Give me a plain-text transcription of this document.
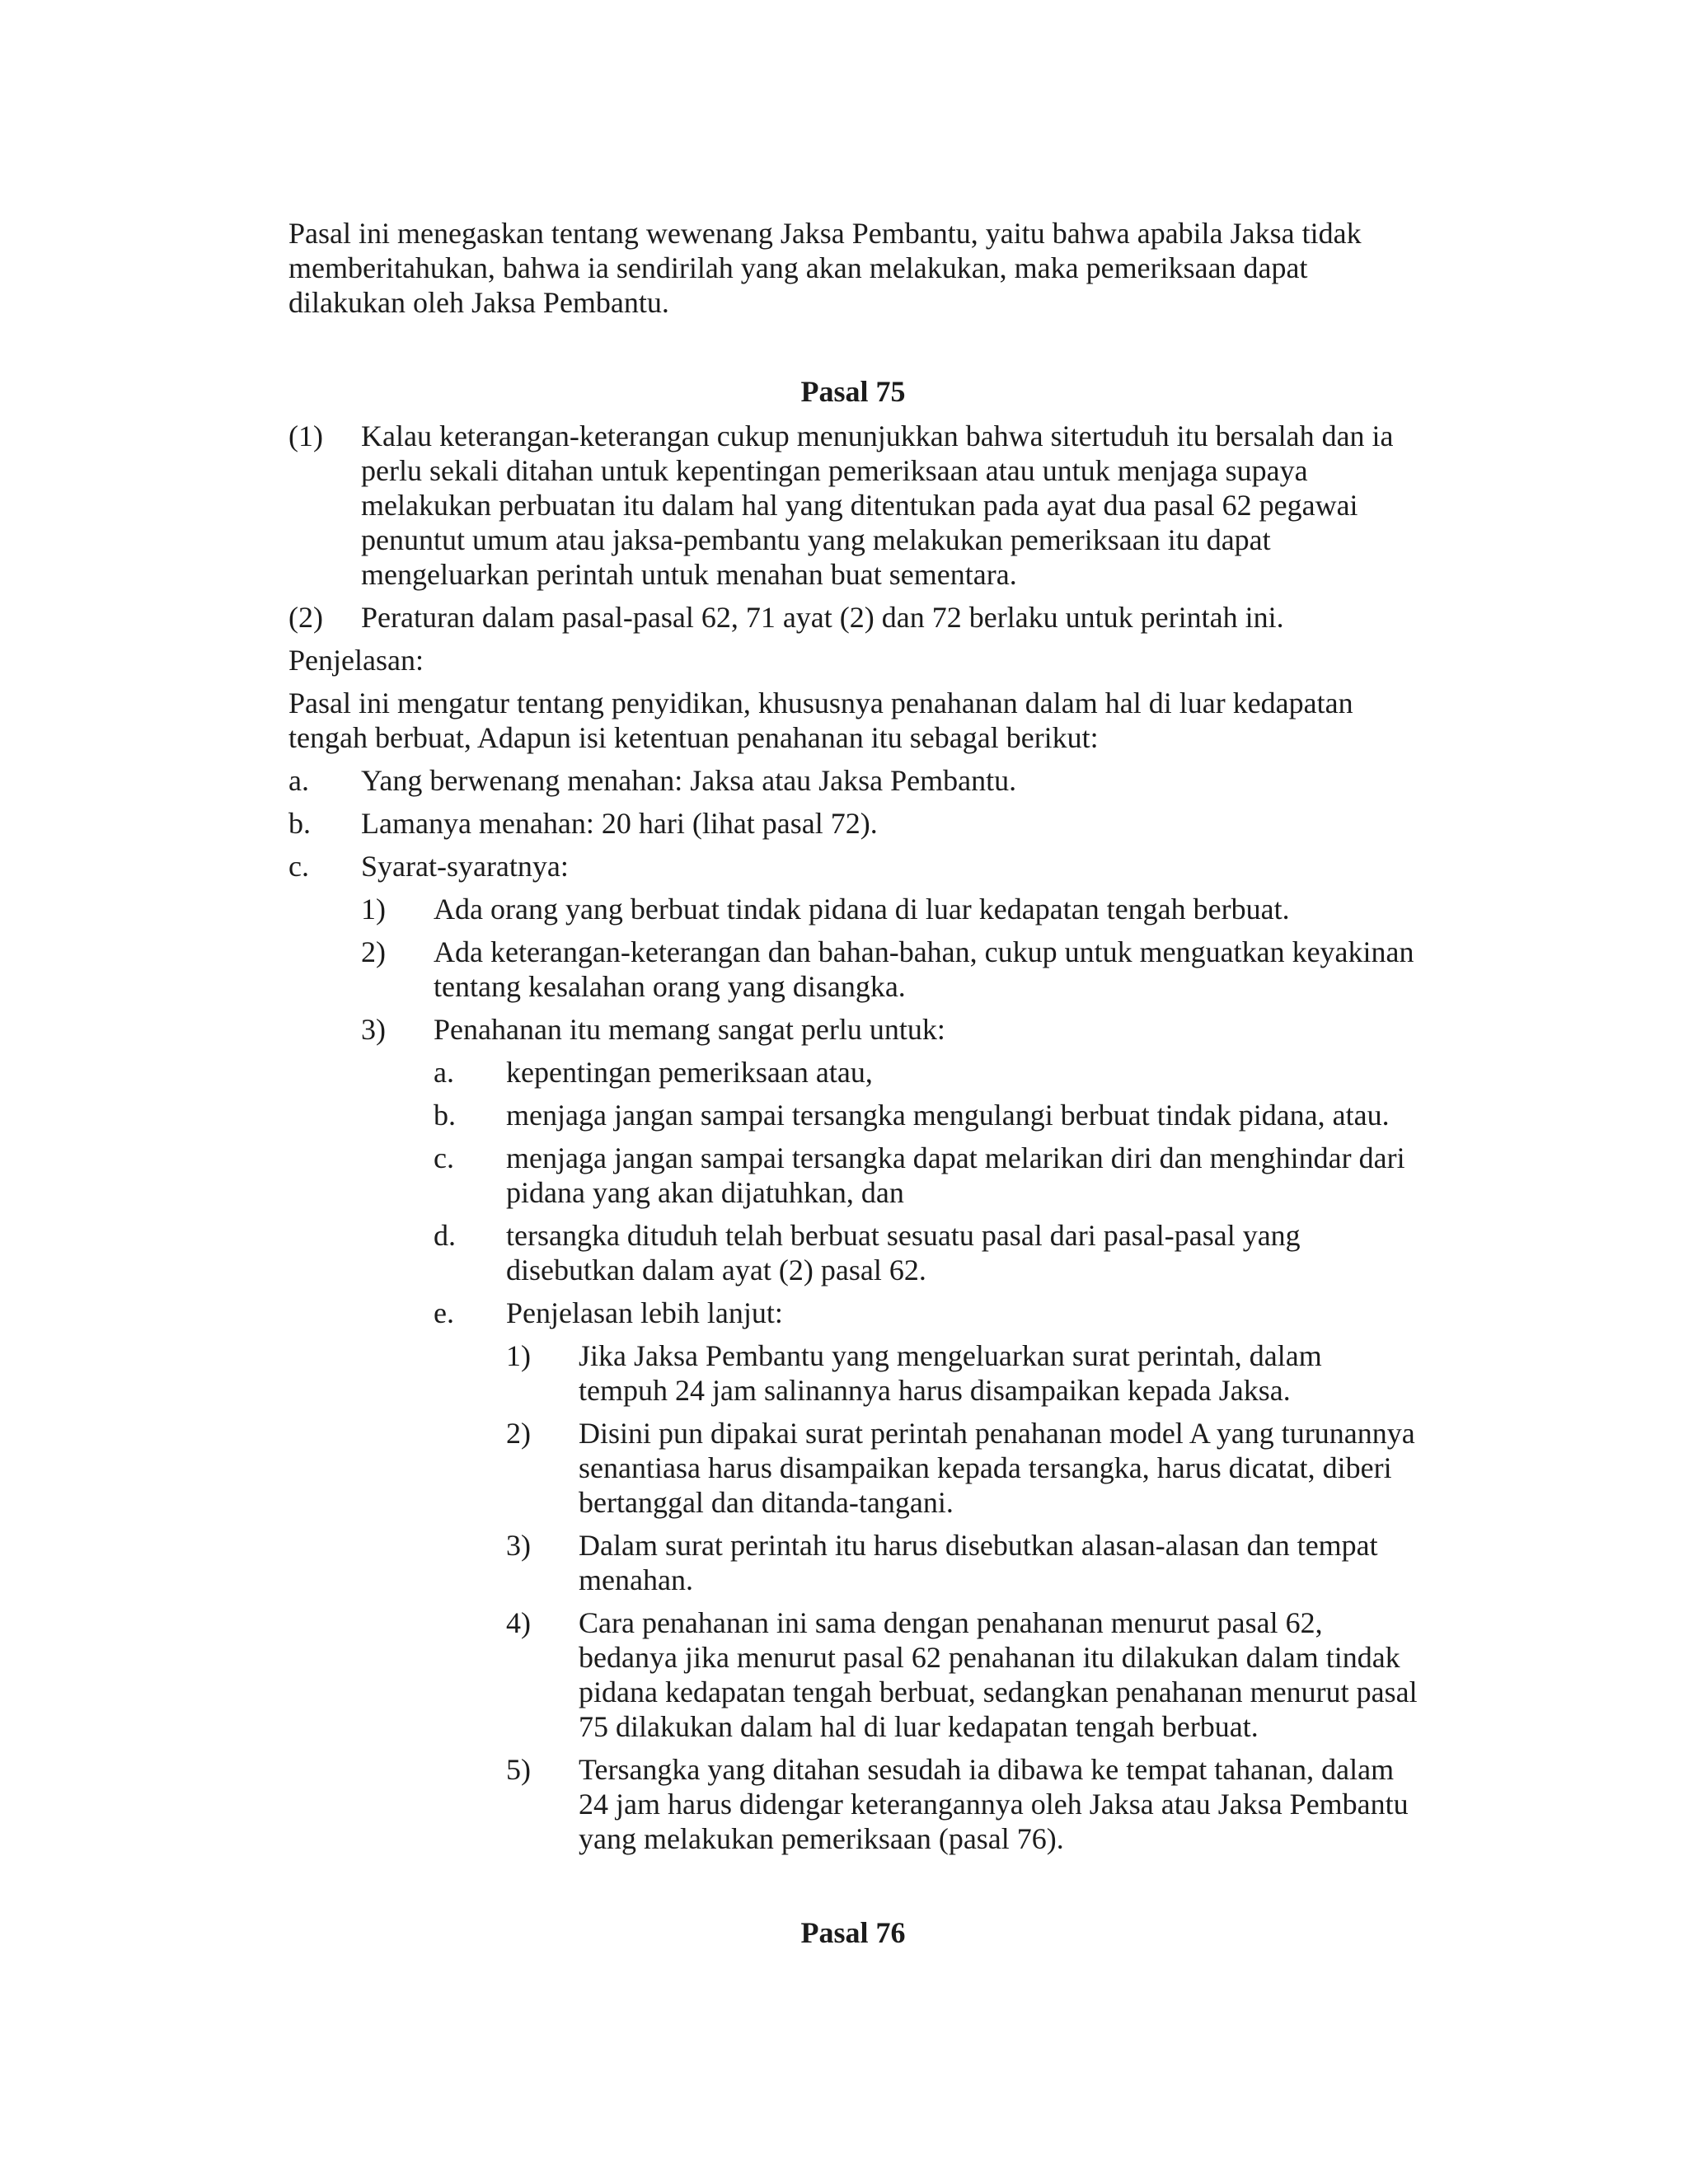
Pasal ini menegaskan tentang wewenang Jaksa Pembantu, yaitu bahwa apabila Jaksa tidak memberitahukan, bahwa ia sendirilah yang akan melakukan, maka pemeriksaan dapat dilakukan oleh Jaksa Pembantu.

Pasal 75

(1)	Kalau keterangan-keterangan cukup menunjukkan bahwa sitertuduh itu bersalah dan ia perlu sekali ditahan untuk kepentingan pemeriksaan atau untuk menjaga supaya melakukan perbuatan itu dalam hal yang ditentukan pada ayat dua pasal 62 pegawai penuntut umum atau jaksa-pembantu yang melakukan pemeriksaan itu dapat mengeluarkan perintah untuk menahan buat sementara.
(2)	Peraturan dalam pasal-pasal 62, 71 ayat (2) dan 72 berlaku untuk perintah ini.

Penjelasan:

Pasal ini mengatur tentang penyidikan, khususnya penahanan dalam hal di luar kedapatan tengah berbuat, Adapun isi ketentuan penahanan itu sebagal berikut:

a.	Yang berwenang menahan: Jaksa atau Jaksa Pembantu.
b.	Lamanya menahan: 20 hari (lihat pasal 72).
c.	Syarat-syaratnya:
1)	Ada orang yang berbuat tindak pidana di luar kedapatan tengah berbuat.
2)	Ada keterangan-keterangan dan bahan-bahan, cukup untuk menguatkan keyakinan tentang kesalahan orang yang disangka.
3)	Penahanan itu memang sangat perlu untuk:
a.	kepentingan pemeriksaan atau,
b.	menjaga jangan sampai tersangka mengulangi berbuat tindak pidana, atau.
c.	menjaga jangan sampai tersangka dapat melarikan diri dan menghindar dari pidana yang akan dijatuhkan, dan
d.	tersangka dituduh telah berbuat sesuatu pasal dari pasal-pasal yang disebutkan dalam ayat (2) pasal 62.
e.	Penjelasan lebih lanjut:
1)	Jika Jaksa Pembantu yang mengeluarkan surat perintah, dalam tempuh 24 jam salinannya harus disampaikan kepada Jaksa.
2)	Disini pun dipakai surat perintah penahanan model A yang turunannya senantiasa harus disampaikan kepada tersangka, harus dicatat, diberi bertanggal dan ditanda-tangani.
3)	Dalam surat perintah itu harus disebutkan alasan-alasan dan tempat menahan.
4)	Cara penahanan ini sama dengan penahanan menurut pasal 62, bedanya jika menurut pasal 62 penahanan itu dilakukan dalam tindak pidana kedapatan tengah berbuat, sedangkan penahanan menurut pasal 75 dilakukan dalam hal di luar kedapatan tengah berbuat.
5)	Tersangka yang ditahan sesudah ia dibawa ke tempat tahanan, dalam 24 jam harus didengar keterangannya oleh Jaksa atau Jaksa Pembantu yang melakukan pemeriksaan (pasal 76).

Pasal 76
